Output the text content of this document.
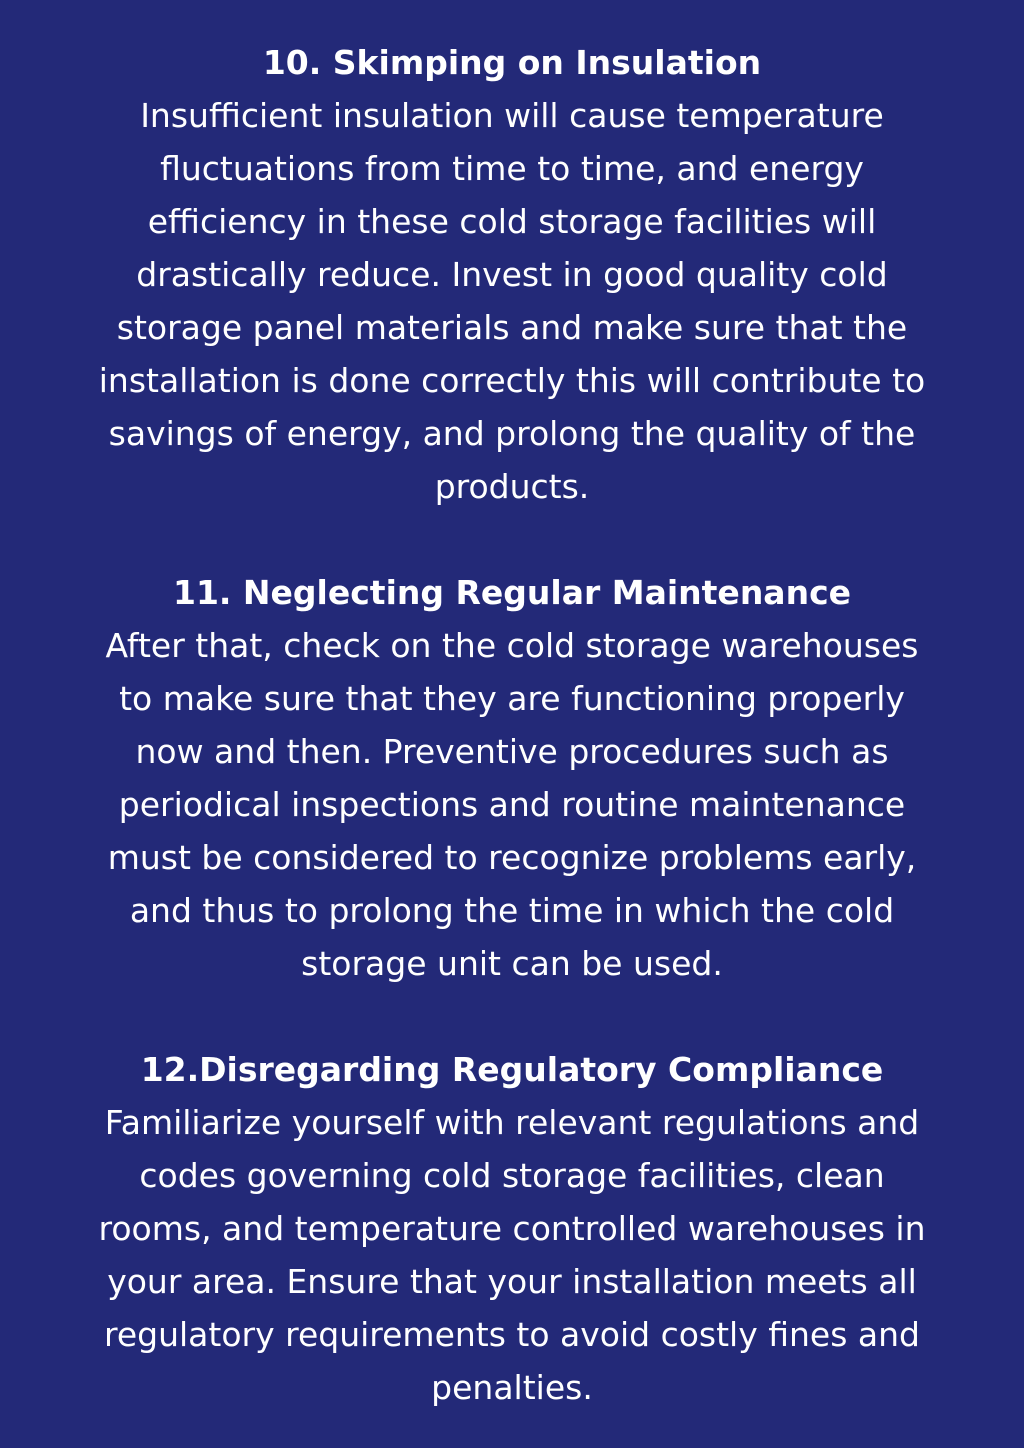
10. Skimping on Insulation

Insufficient insulation will cause temperature
fluctuations from time to time, and energy
efficiency in these cold storage facilities will
drastically reduce. Invest in good quality cold
storage panel materials and make sure that the
installation is done correctly this will contribute to
savings of energy, and prolong the quality of the
products.

11. Neglecting Regular Maintenance

After that, check on the cold storage warehouses
to make sure that they are functioning properly
now and then. Preventive procedures such as
periodical inspections and routine maintenance
must be considered to recognize problems early,
and thus to prolong the time in which the cold
storage unit can be used.

12.Disregarding Regulatory Compliance

Familiarize yourself with relevant regulations and
codes governing cold storage facilities, clean
rooms, and temperature controlled warehouses in
your area. Ensure that your installation meets all
regulatory requirements to avoid costly fines and
penalties.
